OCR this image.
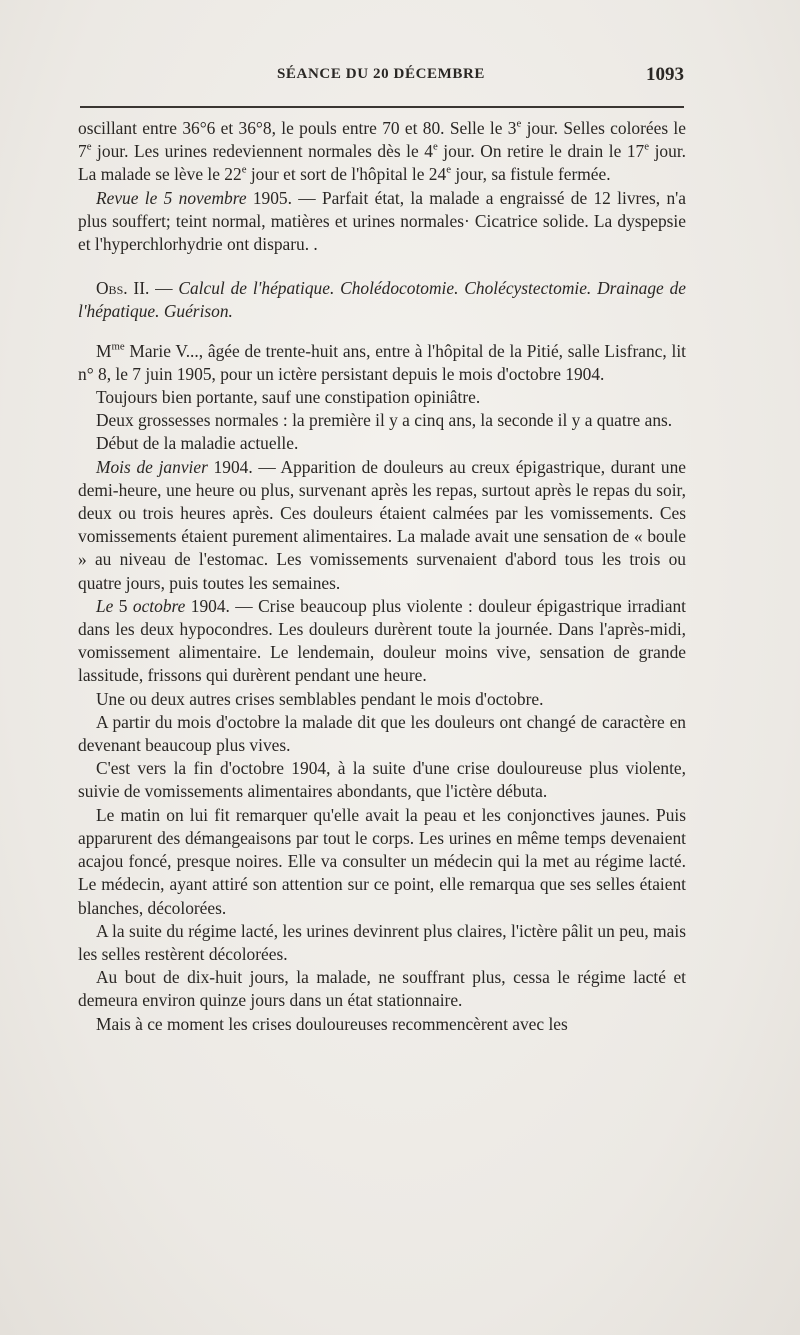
SÉANCE DU 20 DÉCEMBRE	1093

oscillant entre 36°6 et 36°8, le pouls entre 70 et 80. Selle le 3e jour. Selles colorées le 7e jour. Les urines redeviennent normales dès le 4e jour. On retire le drain le 17e jour. La malade se lève le 22e jour et sort de l'hôpital le 24e jour, sa fistule fermée.

Revue le 5 novembre 1905. — Parfait état, la malade a engraissé de 12 livres, n'a plus souffert; teint normal, matières et urines normales· Cicatrice solide. La dyspepsie et l'hyperchlorhydrie ont disparu. .

Obs. II. — Calcul de l'hépatique. Cholédocotomie. Cholécystectomie. Drainage de l'hépatique. Guérison.

$M^{me}$ Marie V..., âgée de trente-huit ans, entre à l'hôpital de la Pitié, salle Lisfranc, lit n° 8, le 7 juin 1905, pour un ictère persistant depuis le mois d'octobre 1904.

Toujours bien portante, sauf une constipation opiniâtre.

Deux grossesses normales : la première il y a cinq ans, la seconde il y a quatre ans.

Début de la maladie actuelle.

Mois de janvier 1904. — Apparition de douleurs au creux épigastrique, durant une demi-heure, une heure ou plus, survenant après les repas, surtout après le repas du soir, deux ou trois heures après. Ces douleurs étaient calmées par les vomissements. Ces vomissements étaient purement alimentaires. La malade avait une sensation de « boule » au niveau de l'estomac. Les vomissements survenaient d'abord tous les trois ou quatre jours, puis toutes les semaines.

Le 5 octobre 1904. — Crise beaucoup plus violente : douleur épigastrique irradiant dans les deux hypocondres. Les douleurs durèrent toute la journée. Dans l'après-midi, vomissement alimentaire. Le lendemain, douleur moins vive, sensation de grande lassitude, frissons qui durèrent pendant une heure.

Une ou deux autres crises semblables pendant le mois d'octobre.

A partir du mois d'octobre la malade dit que les douleurs ont changé de caractère en devenant beaucoup plus vives.

C'est vers la fin d'octobre 1904, à la suite d'une crise douloureuse plus violente, suivie de vomissements alimentaires abondants, que l'ictère débuta.

Le matin on lui fit remarquer qu'elle avait la peau et les conjonctives jaunes. Puis apparurent des démangeaisons par tout le corps. Les urines en même temps devenaient acajou foncé, presque noires. Elle va consulter un médecin qui la met au régime lacté. Le médecin, ayant attiré son attention sur ce point, elle remarqua que ses selles étaient blanches, décolorées.

A la suite du régime lacté, les urines devinrent plus claires, l'ictère pâlit un peu, mais les selles restèrent décolorées.

Au bout de dix-huit jours, la malade, ne souffrant plus, cessa le régime lacté et demeura environ quinze jours dans un état stationnaire.

Mais à ce moment les crises douloureuses recommencèrent avec les
